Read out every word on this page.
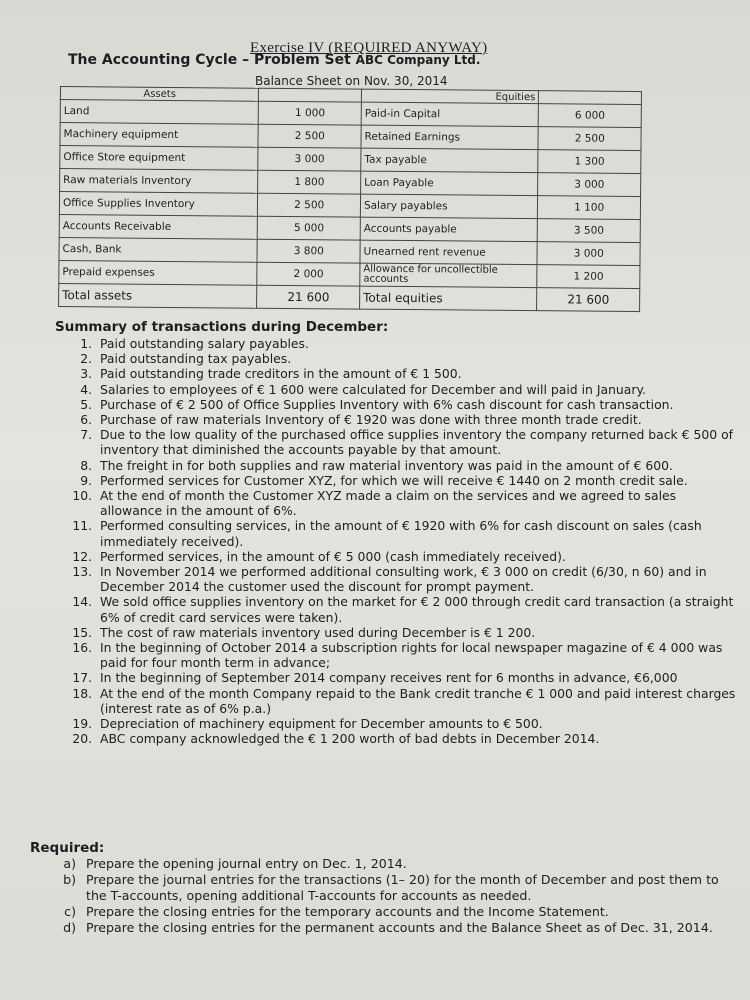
Exercise IV (REQUIRED ANYWAY)
The Accounting Cycle – Problem Set ABC Company Ltd.
Balance Sheet on Nov. 30, 2014
Assets		Equities	
Land	1 000	Paid-in Capital	6 000
Machinery equipment	2 500	Retained Earnings	2 500
Office Store equipment	3 000	Tax payable	1 300
Raw materials Inventory	1 800	Loan Payable	3 000
Office Supplies Inventory	2 500	Salary payables	1 100
Accounts Receivable	5 000	Accounts payable	3 500
Cash, Bank	3 800	Unearned rent revenue	3 000
Prepaid expenses	2 000	Allowance for uncollectible accounts	1 200
Total assets	21 600	Total equities	21 600
Summary of transactions during December:
1. Paid outstanding salary payables.
2. Paid outstanding tax payables.
3. Paid outstanding trade creditors in the amount of € 1 500.
4. Salaries to employees of € 1 600 were calculated for December and will paid in January.
5. Purchase of € 2 500 of Office Supplies Inventory with 6% cash discount for cash transaction.
6. Purchase of raw materials Inventory of € 1920 was done with three month trade credit.
7. Due to the low quality of the purchased office supplies inventory the company returned back € 500 of inventory that diminished the accounts payable by that amount.
8. The freight in for both supplies and raw material inventory was paid in the amount of € 600.
9. Performed services for Customer XYZ, for which we will receive € 1440 on 2 month credit sale.
10. At the end of month the Customer XYZ made a claim on the services and we agreed to sales allowance in the amount of 6%.
11. Performed consulting services, in the amount of € 1920 with 6% for cash discount on sales (cash immediately received).
12. Performed services, in the amount of € 5 000 (cash immediately received).
13. In November 2014 we performed additional consulting work, € 3 000 on credit (6/30, n 60) and in December 2014 the customer used the discount for prompt payment.
14. We sold office supplies inventory on the market for € 2 000 through credit card transaction (a straight 6% of credit card services were taken).
15. The cost of raw materials inventory used during December is € 1 200.
16. In the beginning of October 2014 a subscription rights for local newspaper magazine of € 4 000 was paid for four month term in advance;
17. In the beginning of September 2014 company receives rent for 6 months in advance, €6,000
18. At the end of the month Company repaid to the Bank credit tranche € 1 000 and paid interest charges (interest rate as of 6% p.a.)
19. Depreciation of machinery equipment for December amounts to € 500.
20. ABC company acknowledged the € 1 200 worth of bad debts in December 2014.
Required:
a. Prepare the opening journal entry on Dec. 1, 2014.
b. Prepare the journal entries for the transactions (1– 20) for the month of December and post them to the T-accounts, opening additional T-accounts for accounts as needed.
c. Prepare the closing entries for the temporary accounts and the Income Statement.
d. Prepare the closing entries for the permanent accounts and the Balance Sheet as of Dec. 31, 2014.
